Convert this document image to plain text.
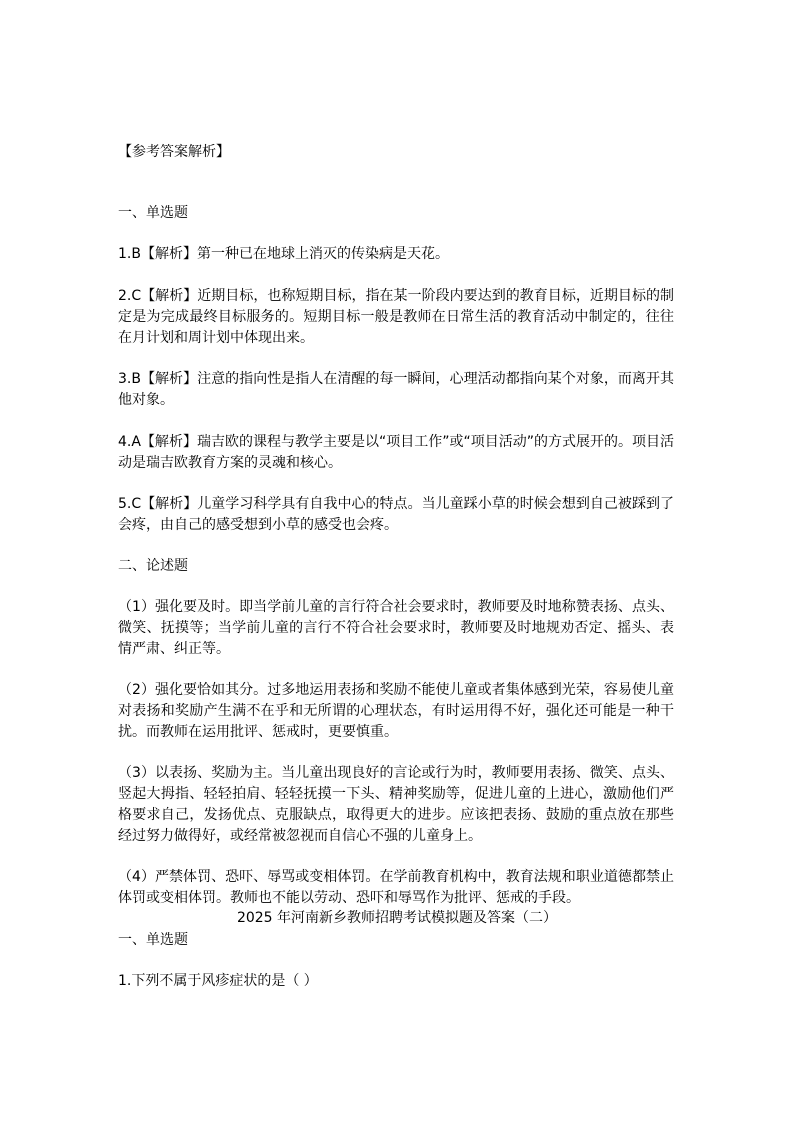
【参考答案解析】
一、单选题
1.B【解析】第一种已在地球上消灭的传染病是天花。
2.C【解析】近期目标，也称短期目标，指在某一阶段内要达到的教育目标，近期目标的制定是为完成最终目标服务的。短期目标一般是教师在日常生活的教育活动中制定的，往往在月计划和周计划中体现出来。
3.B【解析】注意的指向性是指人在清醒的每一瞬间，心理活动都指向某个对象，而离开其他对象。
4.A【解析】瑞吉欧的课程与教学主要是以“项目工作”或“项目活动”的方式展开的。项目活动是瑞吉欧教育方案的灵魂和核心。
5.C【解析】儿童学习科学具有自我中心的特点。当儿童踩小草的时候会想到自己被踩到了会疼，由自己的感受想到小草的感受也会疼。
二、论述题
（1）强化要及时。即当学前儿童的言行符合社会要求时，教师要及时地称赞表扬、点头、微笑、抚摸等；当学前儿童的言行不符合社会要求时，教师要及时地规劝否定、摇头、表情严肃、纠正等。
（2）强化要恰如其分。过多地运用表扬和奖励不能使儿童或者集体感到光荣，容易使儿童对表扬和奖励产生满不在乎和无所谓的心理状态，有时运用得不好，强化还可能是一种干扰。而教师在运用批评、惩戒时，更要慎重。
（3）以表扬、奖励为主。当儿童出现良好的言论或行为时，教师要用表扬、微笑、点头、竖起大拇指、轻轻拍肩、轻轻抚摸一下头、精神奖励等，促进儿童的上进心，激励他们严格要求自己，发扬优点、克服缺点，取得更大的进步。应该把表扬、鼓励的重点放在那些经过努力做得好，或经常被忽视而自信心不强的儿童身上。
（4）严禁体罚、恐吓、辱骂或变相体罚。在学前教育机构中，教育法规和职业道德都禁止体罚或变相体罚。教师也不能以劳动、恐吓和辱骂作为批评、惩戒的手段。
2025 年河南新乡教师招聘考试模拟题及答案（二）
一、单选题
1.下列不属于风疹症状的是（ ）
